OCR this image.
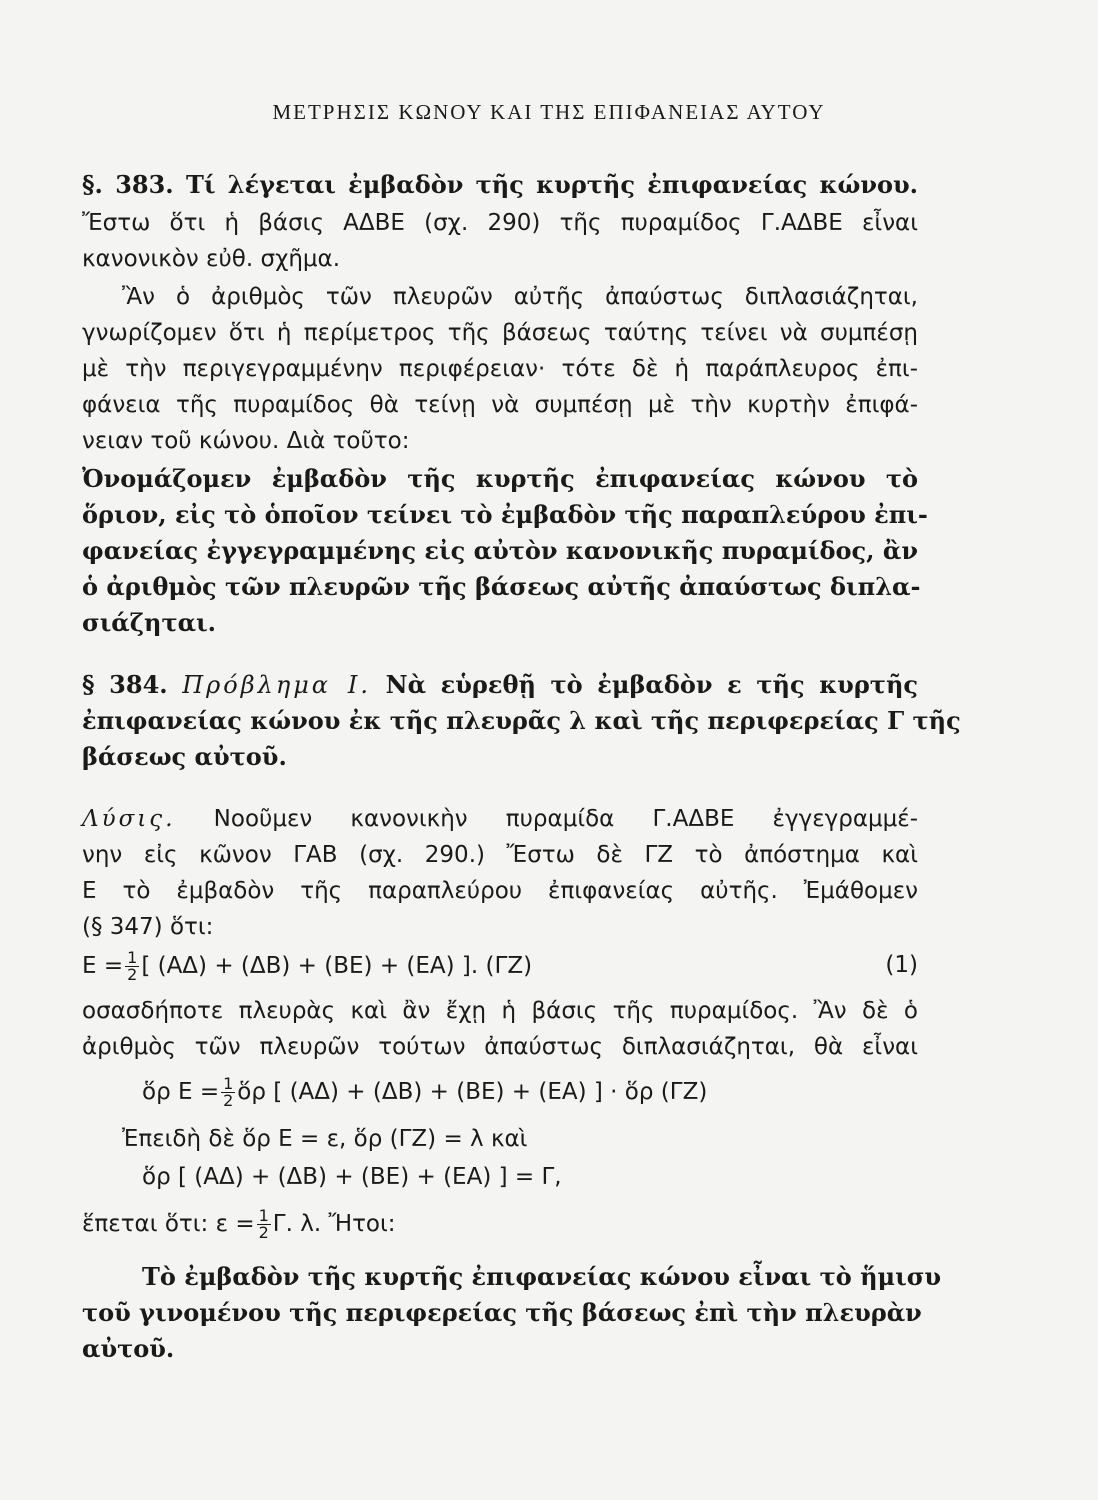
ΜΕΤΡΗΣΙΣ ΚΩΝΟΥ ΚΑΙ ΤΗΣ ΕΠΙΦΑΝΕΙΑΣ ΑΥΤΟΥ
§. 383. Τί λέγεται ἐμβαδὸν τῆς κυρτῆς ἐπιφανείας κώνου.
Ἔστω ὅτι ἡ βάσις ΑΔΒΕ (σχ. 290) τῆς πυραμίδος Γ.ΑΔΒΕ εἶναι
κανονικὸν εὐθ. σχῆμα.
Ἂν ὁ ἀριθμὸς τῶν πλευρῶν αὐτῆς ἀπαύστως διπλασιάζηται,
γνωρίζομεν ὅτι ἡ περίμετρος τῆς βάσεως ταύτης τείνει νὰ συμπέσῃ
μὲ τὴν περιγεγραμμένην περιφέρειαν· τότε δὲ ἡ παράπλευρος ἐπι-
φάνεια τῆς πυραμίδος θὰ τείνῃ νὰ συμπέσῃ μὲ τὴν κυρτὴν ἐπιφά-
νειαν τοῦ κώνου. Διὰ τοῦτο:
Ὀνομάζομεν ἐμβαδὸν τῆς κυρτῆς ἐπιφανείας κώνου τὸ
ὅριον, εἰς τὸ ὁποῖον τείνει τὸ ἐμβαδὸν τῆς παραπλεύρου ἐπι-
φανείας ἐγγεγραμμένης εἰς αὐτὸν κανονικῆς πυραμίδος, ἂν
ὁ ἀριθμὸς τῶν πλευρῶν τῆς βάσεως αὐτῆς ἀπαύστως διπλα-
σιάζηται.
§ 384. Πρόβλημα Ι. Νὰ εὑρεθῇ τὸ ἐμβαδὸν ε τῆς κυρτῆς
ἐπιφανείας κώνου ἐκ τῆς πλευρᾶς λ καὶ τῆς περιφερείας Γ τῆς
βάσεως αὐτοῦ.
Λύσις. Νοοῦμεν κανονικὴν πυραμίδα Γ.ΑΔΒΕ ἐγγεγραμμέ-
νην εἰς κῶνον ΓΑΒ (σχ. 290.) Ἔστω δὲ ΓΖ τὸ ἀπόστημα καὶ
Ε τὸ ἐμβαδὸν τῆς παραπλεύρου ἐπιφανείας αὐτῆς. Ἐμάθομεν
(§ 347) ὅτι:
$E = \frac{1}{2}$ [ (ΑΔ) + (ΔΒ) + (ΒΕ) + (ΕΑ) ]. (ΓΖ)	(1)
οσασδήποτε πλευρὰς καὶ ἂν ἔχῃ ἡ βάσις τῆς πυραμίδος. Ἂν δὲ ὁ
ἀριθμὸς τῶν πλευρῶν τούτων ἀπαύστως διπλασιάζηται, θὰ εἶναι
ὅρ $E = \frac{1}{2}$ ὅρ [ (ΑΔ) + (ΔΒ) + (ΒΕ) + (ΕΑ) ] · ὅρ (ΓΖ)
Ἐπειδὴ δὲ ὅρ Ε = ε, ὅρ (ΓΖ) = λ καὶ
ὅρ [ (ΑΔ) + (ΔΒ) + (ΒΕ) + (ΕΑ) ] = Γ,
ἕπεται ὅτι: $\varepsilon = \frac{1}{2} \Gamma$. λ. Ἤτοι:
Τὸ ἐμβαδὸν τῆς κυρτῆς ἐπιφανείας κώνου εἶναι τὸ ἥμισυ
τοῦ γινομένου τῆς περιφερείας τῆς βάσεως ἐπὶ τὴν πλευρὰν
αὐτοῦ.
